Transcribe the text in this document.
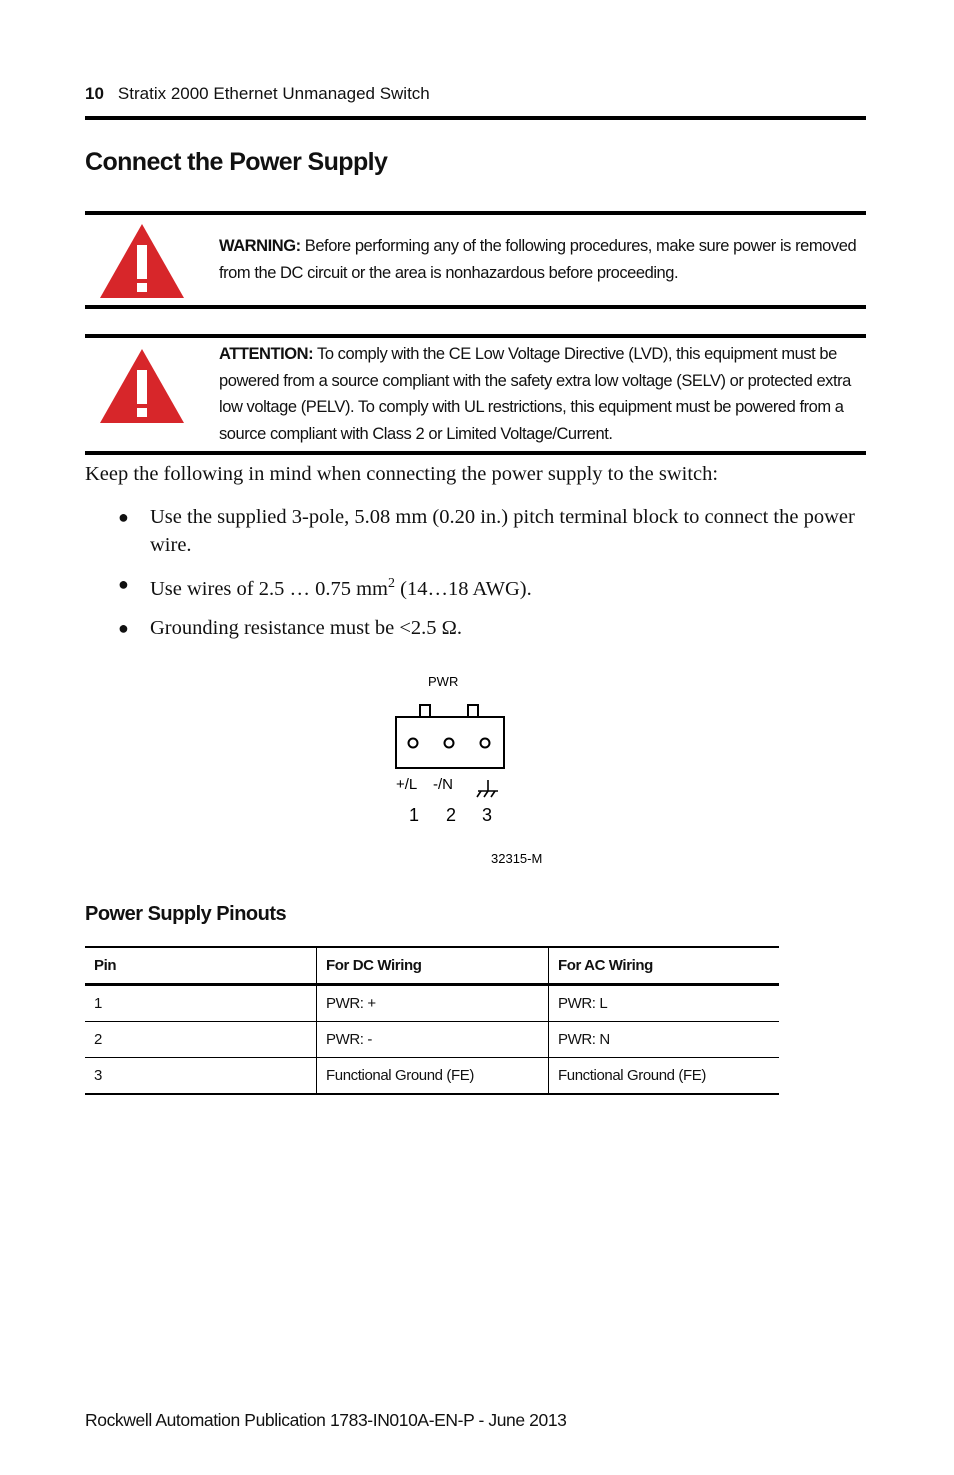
10 Stratix 2000 Ethernet Unmanaged Switch
Connect the Power Supply
WARNING: Before performing any of the following procedures, make sure power is removed from the DC circuit or the area is nonhazardous before proceeding.
ATTENTION: To comply with the CE Low Voltage Directive (LVD), this equipment must be powered from a source compliant with the safety extra low voltage (SELV) or protected extra low voltage (PELV). To comply with UL restrictions, this equipment must be powered from a source compliant with Class 2 or Limited Voltage/Current.
Keep the following in mind when connecting the power supply to the switch:
● Use the supplied 3-pole, 5.08 mm (0.20 in.) pitch terminal block to connect the power wire.
● Use wires of 2.5 … 0.75 $mm^2$ (14…18 AWG).
● Grounding resistance must be <2.5 Ω.
PWR
+/L -/N
1 2 3
32315-M
Power Supply Pinouts
Pin	For DC Wiring	For AC Wiring
1	PWR: +	PWR: L
2	PWR: -	PWR: N
3	Functional Ground (FE)	Functional Ground (FE)
Rockwell Automation Publication 1783-IN010A-EN-P - June 2013
